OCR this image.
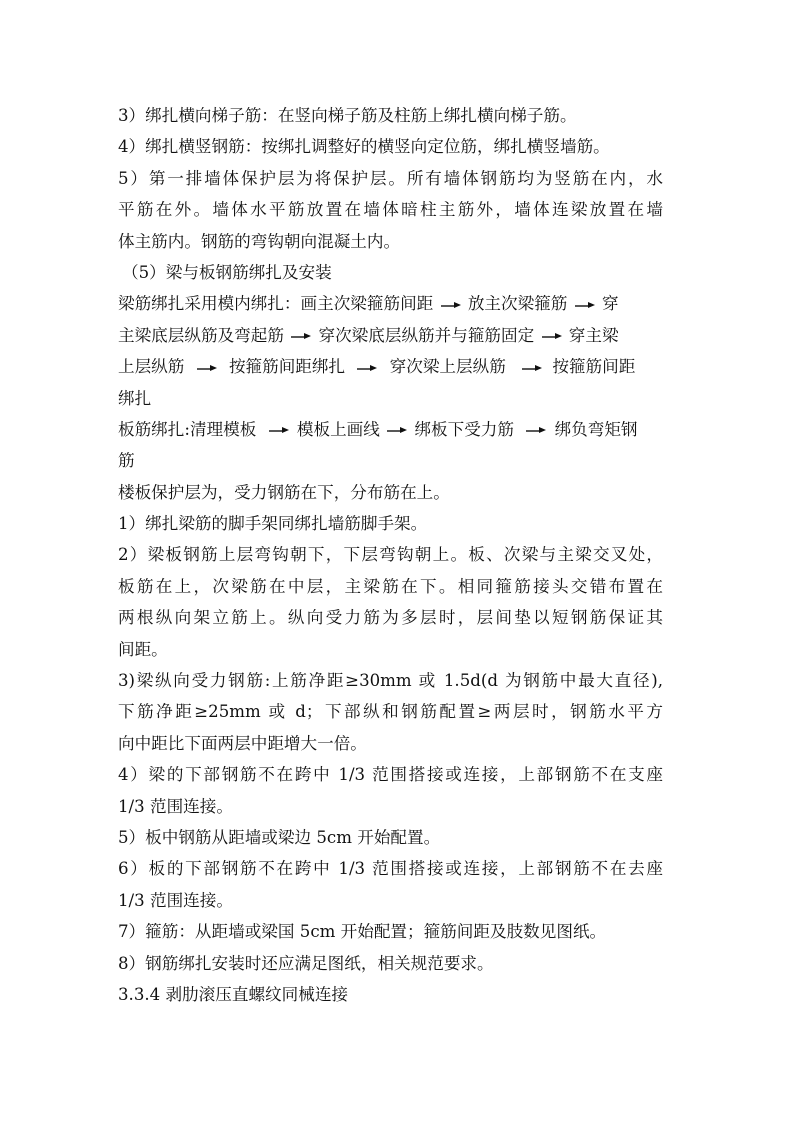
3）绑扎横向梯子筋：在竖向梯子筋及柱筋上绑扎横向梯子筋。
4）绑扎横竖钢筋：按绑扎调整好的横竖向定位筋，绑扎横竖墙筋。
5）第一排墙体保护层为将保护层。所有墙体钢筋均为竖筋在内，水
平筋在外。墙体水平筋放置在墙体暗柱主筋外，墙体连梁放置在墙
体主筋内。钢筋的弯钩朝向混凝土内。
（5）梁与板钢筋绑扎及安装
梁筋绑扎采用模内绑扎：画主次梁箍筋间距 放主次梁箍筋 穿
主梁底层纵筋及弯起筋 穿次梁底层纵筋并与箍筋固定 穿主梁
上层纵筋	按箍筋间距绑扎	穿次梁上层纵筋	按箍筋间距
绑扎
板筋绑扎:清理模板 模板上画线 绑板下受力筋 绑负弯矩钢
筋
楼板保护层为，受力钢筋在下，分布筋在上。
1）绑扎梁筋的脚手架同绑扎墙筋脚手架。
2）梁板钢筋上层弯钩朝下，下层弯钩朝上。板、次梁与主梁交叉处，
板筋在上，次梁筋在中层，主梁筋在下。相同箍筋接头交错布置在
两根纵向架立筋上。纵向受力筋为多层时，层间垫以短钢筋保证其
间距。
3)梁纵向受力钢筋:上筋净距≥30mm 或 1.5d(d 为钢筋中最大直径),
下筋净距≥25mm 或 d；下部纵和钢筋配置≥两层时，钢筋水平方
向中距比下面两层中距增大一倍。
4）梁的下部钢筋不在跨中 1/3 范围搭接或连接，上部钢筋不在支座
1/3 范围连接。
5）板中钢筋从距墙或梁边 5cm 开始配置。
6）板的下部钢筋不在跨中 1/3 范围搭接或连接，上部钢筋不在去座
1/3 范围连接。
7）箍筋：从距墙或梁国 5cm 开始配置；箍筋间距及肢数见图纸。
8）钢筋绑扎安装时还应满足图纸，相关规范要求。
3.3.4 剥肋滚压直螺纹同械连接
